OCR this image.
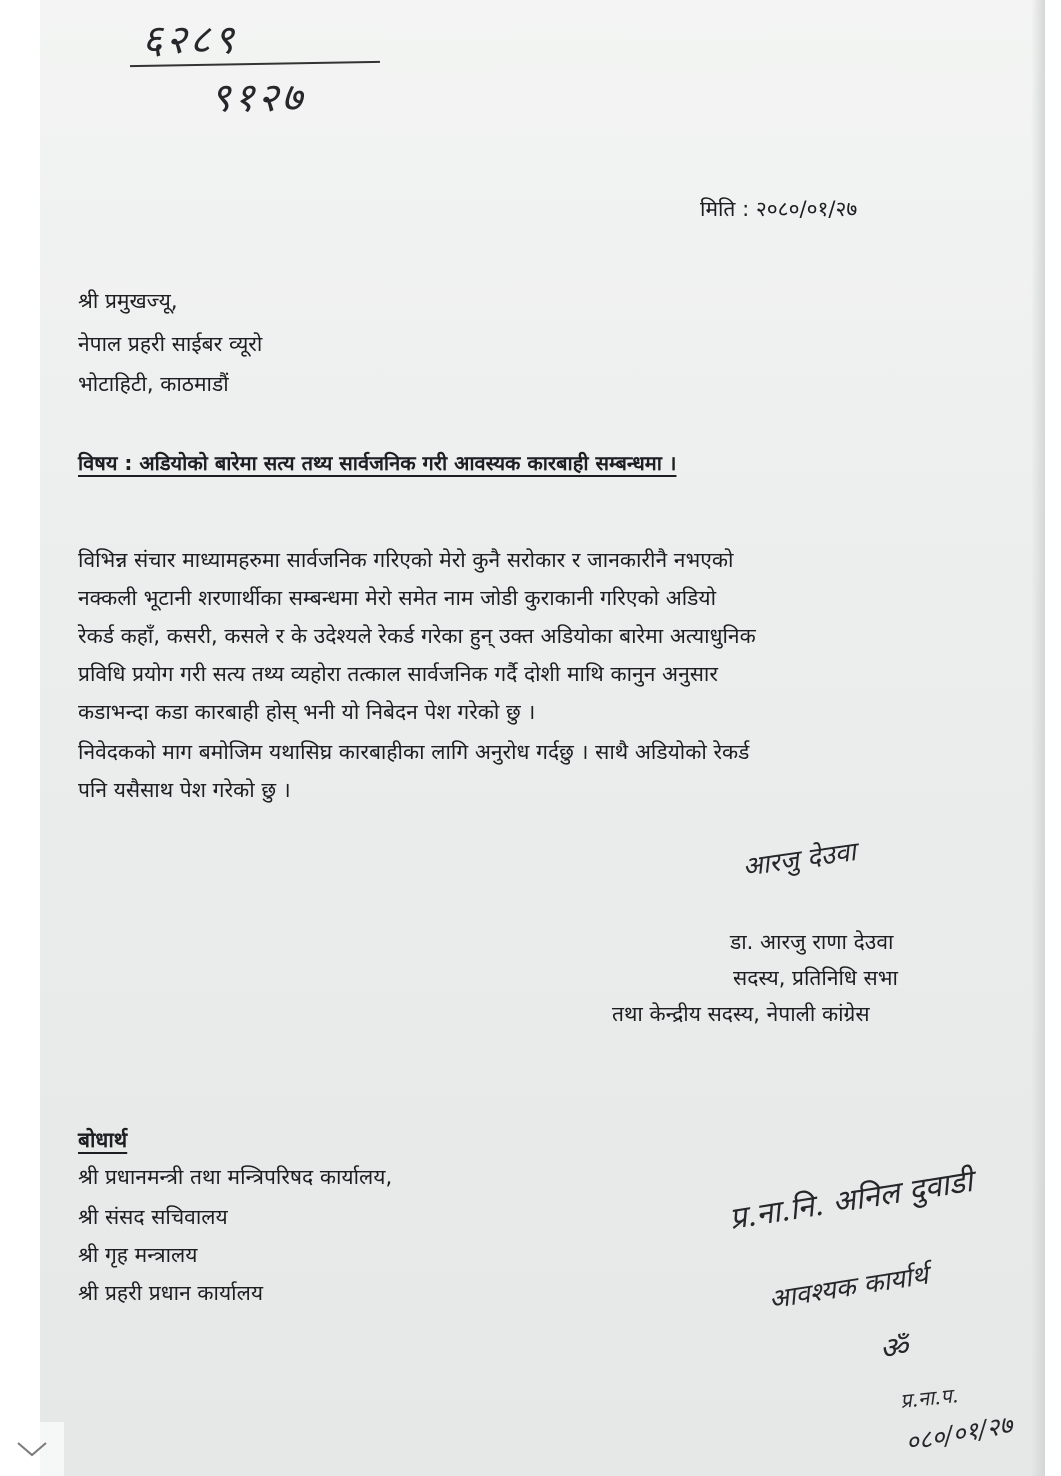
६२८९
९१२७
मिति : २०८०/०१/२७
श्री प्रमुखज्यू,
नेपाल प्रहरी साईबर व्यूरो
भोटाहिटी, काठमाडौं
विषय : अडियोको बारेमा सत्य तथ्य सार्वजनिक गरी आवस्यक कारबाही सम्बन्धमा ।
विभिन्न संचार माध्यामहरुमा सार्वजनिक गरिएको मेरो कुनै सरोकार र जानकारीनै नभएको
नक्कली भूटानी शरणार्थीका सम्बन्धमा मेरो समेत नाम जोडी कुराकानी गरिएको अडियो
रेकर्ड कहाँ, कसरी, कसले र के उदेश्यले रेकर्ड गरेका हुन् उक्त अडियोका बारेमा अत्याधुनिक
प्रविधि प्रयोग गरी सत्य तथ्य व्यहोरा तत्काल सार्वजनिक गर्दै दोशी माथि कानुन अनुसार
कडाभन्दा कडा कारबाही होस् भनी यो निबेदन पेश गरेको छु ।
निवेदकको माग बमोजिम यथासिघ्र कारबाहीका लागि अनुरोध गर्दछु । साथै अडियोको रेकर्ड
पनि यसैसाथ पेश गरेको छु ।
आरजु देउवा
डा. आरजु राणा देउवा
सदस्य, प्रतिनिधि सभा
तथा केन्द्रीय सदस्य, नेपाली कांग्रेस
बोधार्थ
श्री प्रधानमन्त्री तथा मन्त्रिपरिषद कार्यालय,
श्री संसद सचिवालय
श्री गृह मन्त्रालय
श्री प्रहरी प्रधान कार्यालय
प्र.ना.नि. अनिल दुवाडी
आवश्यक कार्यार्थ
ॐ
प्र.ना.प.
०८०/०१/२७
